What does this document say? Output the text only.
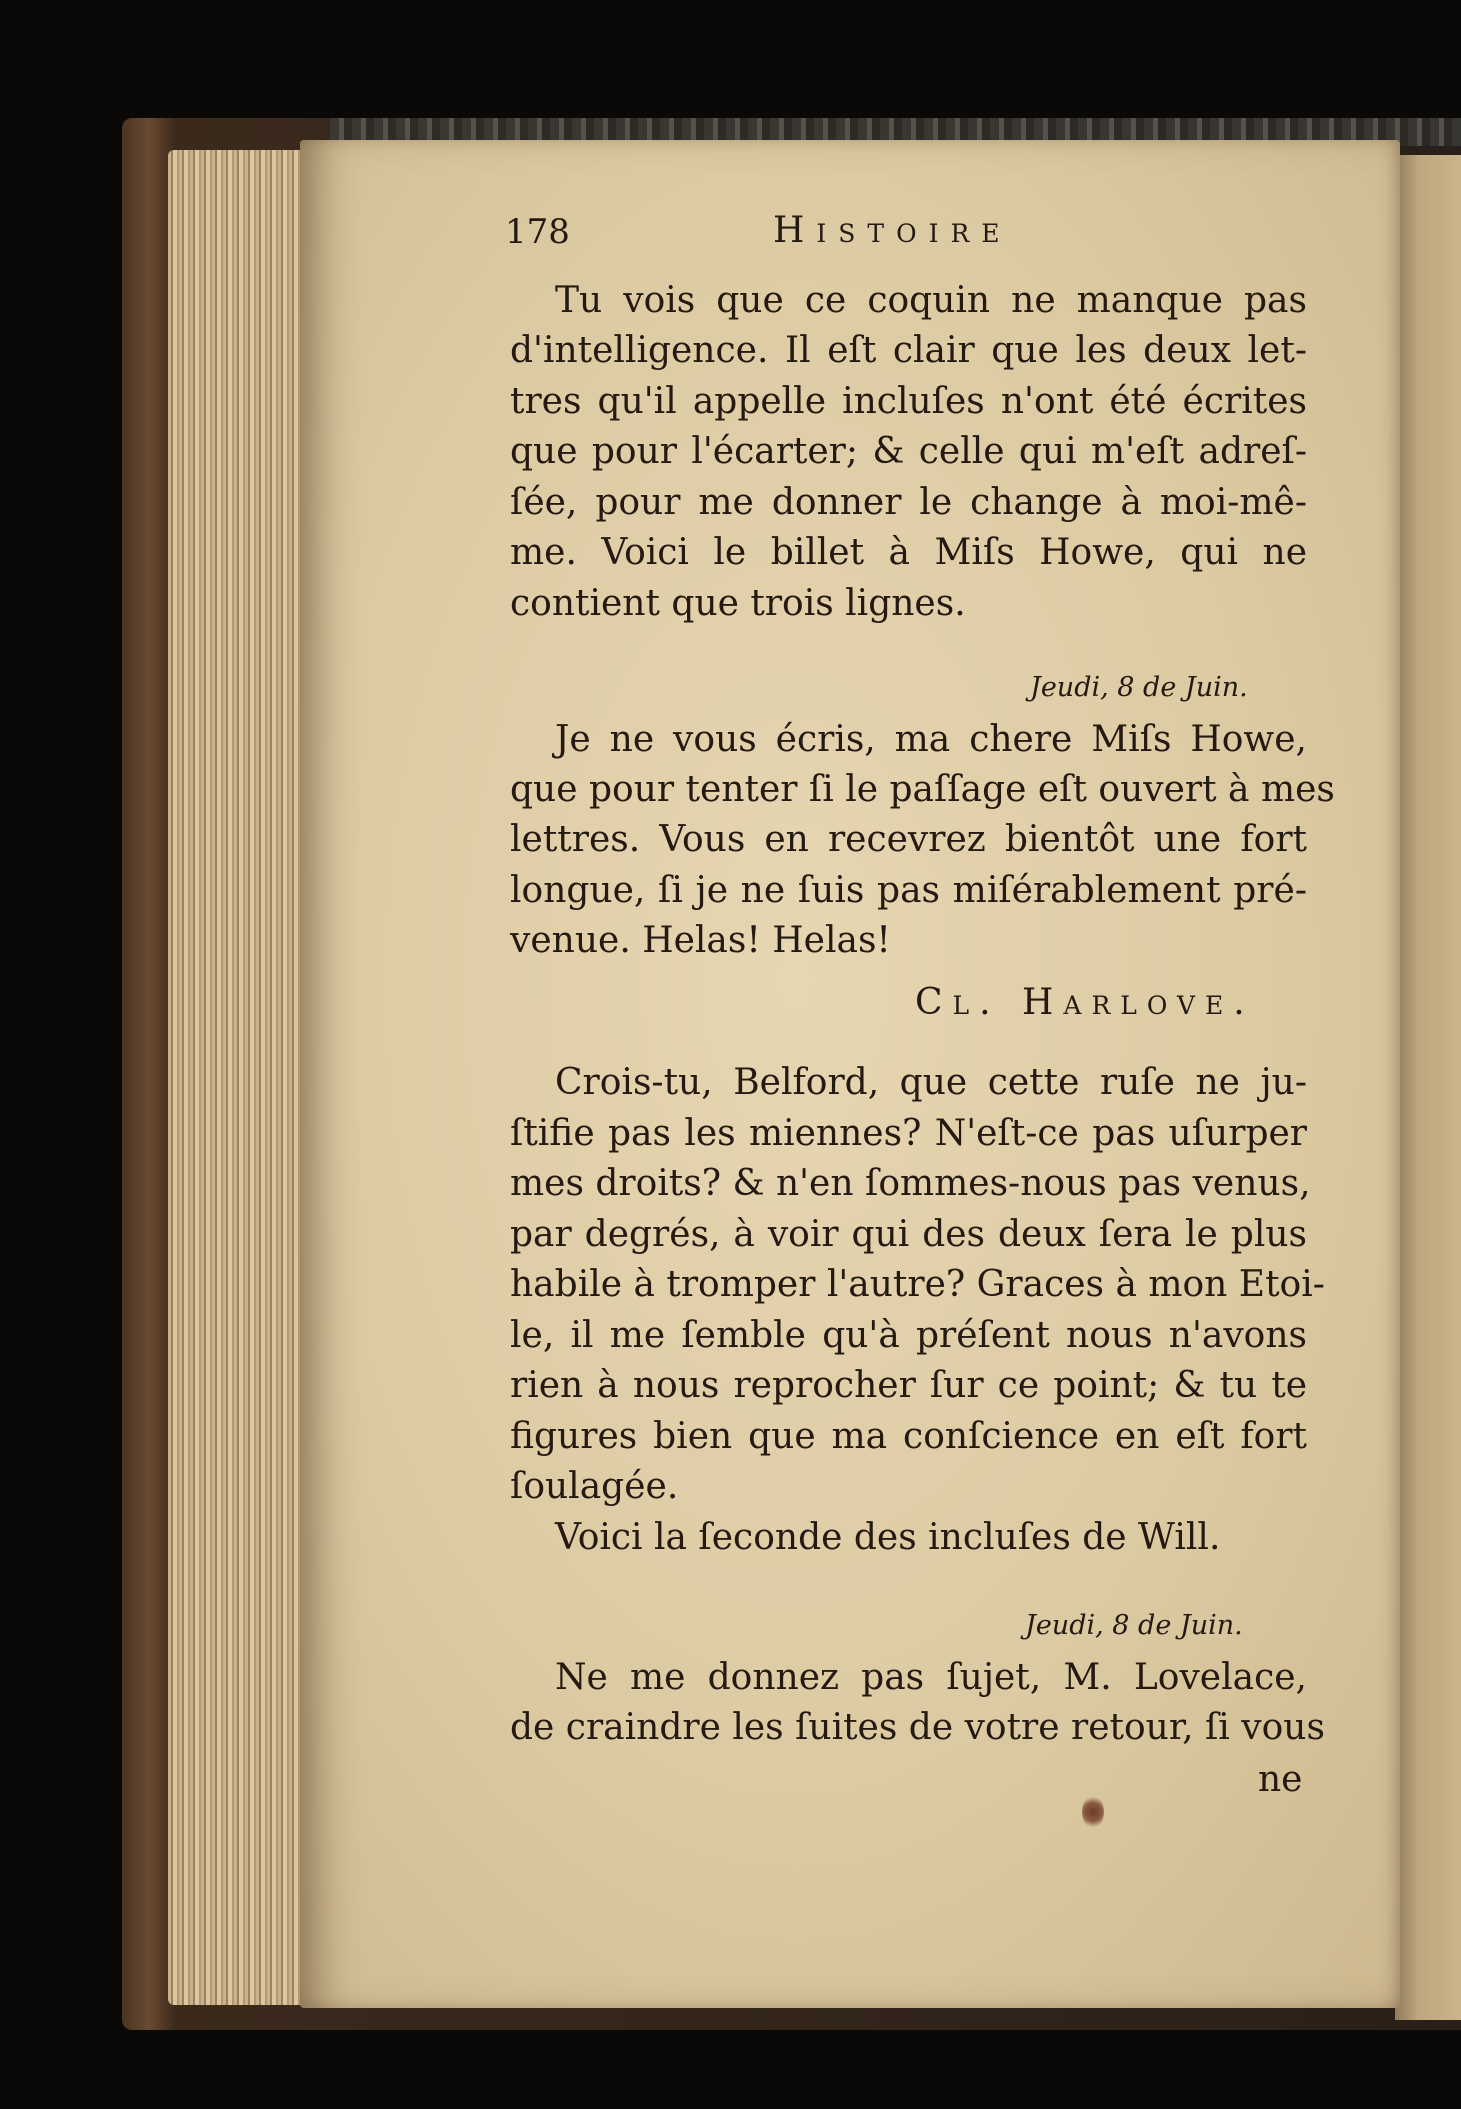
178	Histoire
Tu vois que ce coquin ne manque pas
d'intelligence. Il eſt clair que les deux let-
tres qu'il appelle incluſes n'ont été écrites
que pour l'écarter; & celle qui m'eſt adreſ-
ſée, pour me donner le change à moi-mê-
me. Voici le billet à Miſs Howe, qui ne
contient que trois lignes.
Jeudi, 8 de Juin.
Je ne vous écris, ma chere Miſs Howe,
que pour tenter ſi le paſſage eſt ouvert à mes
lettres. Vous en recevrez bientôt une fort
longue, ſi je ne ſuis pas miſérablement pré-
venue. Helas! Helas!
Cl. Harlove.
Crois-tu, Belford, que cette ruſe ne ju-
ſtifie pas les miennes? N'eſt-ce pas uſurper
mes droits? & n'en ſommes-nous pas venus,
par degrés, à voir qui des deux ſera le plus
habile à tromper l'autre? Graces à mon Etoi-
le, il me ſemble qu'à préſent nous n'avons
rien à nous reprocher ſur ce point; & tu te
figures bien que ma conſcience en eſt fort
ſoulagée.
Voici la ſeconde des incluſes de Will.
Jeudi, 8 de Juin.
Ne me donnez pas ſujet, M. Lovelace,
de craindre les ſuites de votre retour, ſi vous
ne
